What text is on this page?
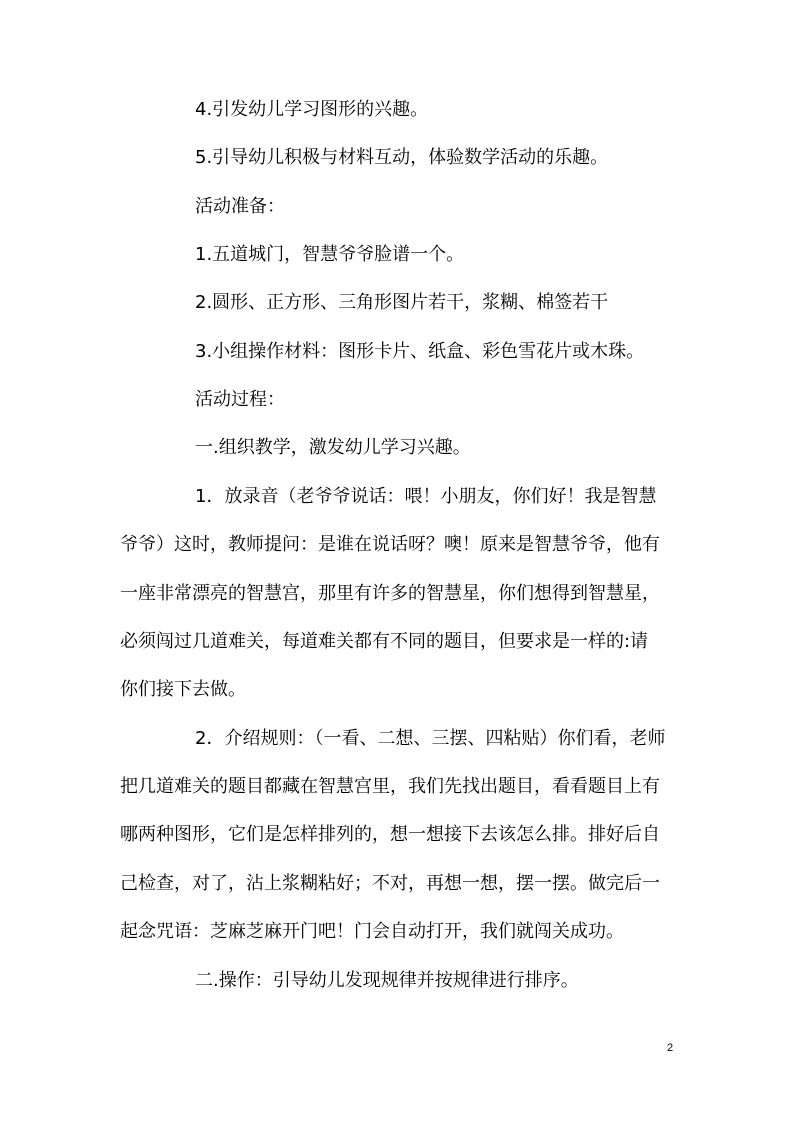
4.引发幼儿学习图形的兴趣。
5.引导幼儿积极与材料互动，体验数学活动的乐趣。
活动准备：
1.五道城门，智慧爷爷脸谱一个。
2.圆形、正方形、三角形图片若干，浆糊、棉签若干
3.小组操作材料：图形卡片、纸盒、彩色雪花片或木珠。
活动过程：
一.组织教学，激发幼儿学习兴趣。
1．放录音（老爷爷说话：喂！小朋友，你们好！我是智慧
爷爷）这时，教师提问：是谁在说话呀？噢！原来是智慧爷爷，他有
一座非常漂亮的智慧宫，那里有许多的智慧星，你们想得到智慧星，
必须闯过几道难关，每道难关都有不同的题目，但要求是一样的:请
你们接下去做。
2．介绍规则：（一看、二想、三摆、四粘贴）你们看，老师
把几道难关的题目都藏在智慧宫里，我们先找出题目，看看题目上有
哪两种图形，它们是怎样排列的，想一想接下去该怎么排。排好后自
己检查，对了，沾上浆糊粘好；不对，再想一想，摆一摆。做完后一
起念咒语：芝麻芝麻开门吧！门会自动打开，我们就闯关成功。
二.操作：引导幼儿发现规律并按规律进行排序。
2
